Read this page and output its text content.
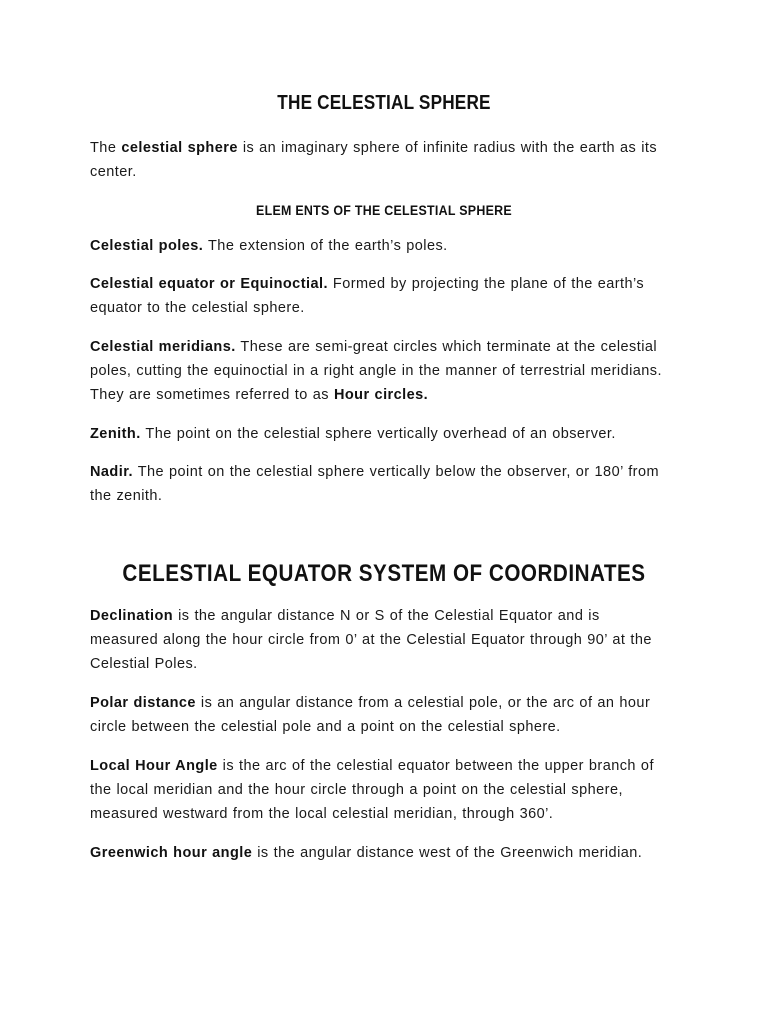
THE CELESTIAL SPHERE

The celestial sphere is an imaginary sphere of infinite radius with the earth as its center.

ELEM ENTS OF THE CELESTIAL SPHERE

Celestial poles. The extension of the earth’s poles.

Celestial equator or Equinoctial. Formed by projecting the plane of the earth’s equator to the celestial sphere.

Celestial meridians. These are semi-great circles which terminate at the celestial poles, cutting the equinoctial in a right angle in the manner of terrestrial meridians. They are sometimes referred to as Hour circles.

Zenith. The point on the celestial sphere vertically overhead of an observer.

Nadir. The point on the celestial sphere vertically below the observer, or 180’ from the zenith.

CELESTIAL EQUATOR SYSTEM OF COORDINATES

Declination is the angular distance N or S of the Celestial Equator and is measured along the hour circle from 0’ at the Celestial Equator through 90’ at the Celestial Poles.

Polar distance is an angular distance from a celestial pole, or the arc of an hour circle between the celestial pole and a point on the celestial sphere.

Local Hour Angle is the arc of the celestial equator between the upper branch of the local meridian and the hour circle through a point on the celestial sphere, measured westward from the local celestial meridian, through 360’.

Greenwich hour angle is the angular distance west of the Greenwich meridian.
